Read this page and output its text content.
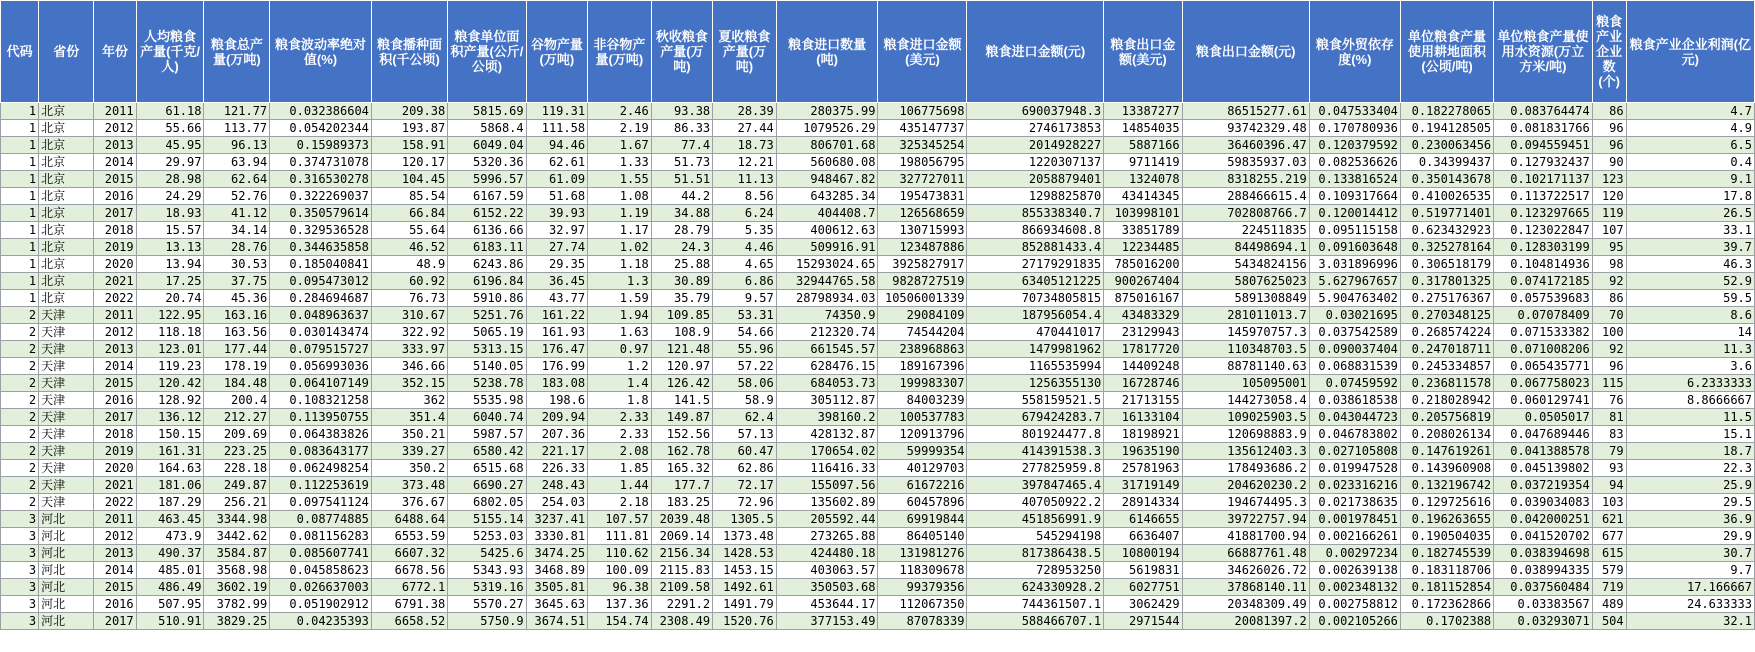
代码	省份	年份	人均粮食产量(千克/人)	粮食总产量(万吨)	粮食波动率绝对值(%)	粮食播种面积(千公顷)	粮食单位面积产量(公斤/公顷)	谷物产量(万吨)	非谷物产量(万吨)	秋收粮食产量(万吨)	夏收粮食产量(万吨)	粮食进口数量(吨)	粮食进口金额(美元)	粮食进口金额(元)	粮食出口金额(美元)	粮食出口金额(元)	粮食外贸依存度(%)	单位粮食产量使用耕地面积(公顷/吨)	单位粮食产量使用水资源(万立方米/吨)	粮食产业企业数(个)	粮食产业企业利润(亿元)
1	北京	2011	61.18	121.77	0.032386604	209.38	5815.69	119.31	2.46	93.38	28.39	280375.99	106775698	690037948.3	13387277	86515277.61	0.047533404	0.182278065	0.083764474	86	4.7
1	北京	2012	55.66	113.77	0.054202344	193.87	5868.4	111.58	2.19	86.33	27.44	1079526.29	435147737	2746173853	14854035	93742329.48	0.170780936	0.194128505	0.081831766	96	4.9
1	北京	2013	45.95	96.13	0.15989373	158.91	6049.04	94.46	1.67	77.4	18.73	806701.68	325345254	2014928227	5887166	36460396.47	0.120379592	0.230063456	0.094559451	96	6.5
1	北京	2014	29.97	63.94	0.374731078	120.17	5320.36	62.61	1.33	51.73	12.21	560680.08	198056795	1220307137	9711419	59835937.03	0.082536626	0.34399437	0.127932437	90	0.4
1	北京	2015	28.98	62.64	0.316530278	104.45	5996.57	61.09	1.55	51.51	11.13	948467.82	327727011	2058879401	1324078	8318255.219	0.133816524	0.350143678	0.102171137	123	9.1
1	北京	2016	24.29	52.76	0.322269037	85.54	6167.59	51.68	1.08	44.2	8.56	643285.34	195473831	1298825870	43414345	288466615.4	0.109317664	0.410026535	0.113722517	120	17.8
1	北京	2017	18.93	41.12	0.350579614	66.84	6152.22	39.93	1.19	34.88	6.24	404408.7	126568659	855338340.7	103998101	702808766.7	0.120014412	0.519771401	0.123297665	119	26.5
1	北京	2018	15.57	34.14	0.329536528	55.64	6136.66	32.97	1.17	28.79	5.35	400612.63	130715993	866934608.8	33851789	224511835	0.095115158	0.623432923	0.123022847	107	33.1
1	北京	2019	13.13	28.76	0.344635858	46.52	6183.11	27.74	1.02	24.3	4.46	509916.91	123487886	852881433.4	12234485	84498694.1	0.091603648	0.325278164	0.128303199	95	39.7
1	北京	2020	13.94	30.53	0.185040841	48.9	6243.86	29.35	1.18	25.88	4.65	15293024.65	3925827917	27179291835	785016200	5434824156	3.031896996	0.306518179	0.104814936	98	46.3
1	北京	2021	17.25	37.75	0.095473012	60.92	6196.84	36.45	1.3	30.89	6.86	32944765.58	9828727519	63405121225	900267404	5807625023	5.627967657	0.317801325	0.074172185	92	52.9
1	北京	2022	20.74	45.36	0.284694687	76.73	5910.86	43.77	1.59	35.79	9.57	28798934.03	10506001339	70734805815	875016167	5891308849	5.904763402	0.275176367	0.057539683	86	59.5
2	天津	2011	122.95	163.16	0.048963637	310.67	5251.76	161.22	1.94	109.85	53.31	74350.9	29084109	187956054.4	43483329	281011013.7	0.03021695	0.270348125	0.07078409	70	8.6
2	天津	2012	118.18	163.56	0.030143474	322.92	5065.19	161.93	1.63	108.9	54.66	212320.74	74544204	470441017	23129943	145970757.3	0.037542589	0.268574224	0.071533382	100	14
2	天津	2013	123.01	177.44	0.079515727	333.97	5313.15	176.47	0.97	121.48	55.96	661545.57	238968863	1479981962	17817720	110348703.5	0.090037404	0.247018711	0.071008206	92	11.3
2	天津	2014	119.23	178.19	0.056993036	346.66	5140.05	176.99	1.2	120.97	57.22	628476.15	189167396	1165535994	14409248	88781140.63	0.068831539	0.245334857	0.065435771	96	3.6
2	天津	2015	120.42	184.48	0.064107149	352.15	5238.78	183.08	1.4	126.42	58.06	684053.73	199983307	1256355130	16728746	105095001	0.07459592	0.236811578	0.067758023	115	6.2333333
2	天津	2016	128.92	200.4	0.108321258	362	5535.98	198.6	1.8	141.5	58.9	305112.87	84003239	558159521.5	21713155	144273058.4	0.038618538	0.218028942	0.060129741	76	8.8666667
2	天津	2017	136.12	212.27	0.113950755	351.4	6040.74	209.94	2.33	149.87	62.4	398160.2	100537783	679424283.7	16133104	109025903.5	0.043044723	0.205756819	0.0505017	81	11.5
2	天津	2018	150.15	209.69	0.064383826	350.21	5987.57	207.36	2.33	152.56	57.13	428132.87	120913796	801924477.8	18198921	120698883.9	0.046783802	0.208026134	0.047689446	83	15.1
2	天津	2019	161.31	223.25	0.083643177	339.27	6580.42	221.17	2.08	162.78	60.47	170654.02	59999354	414391538.3	19635190	135612403.3	0.027105808	0.147619261	0.041388578	79	18.7
2	天津	2020	164.63	228.18	0.062498254	350.2	6515.68	226.33	1.85	165.32	62.86	116416.33	40129703	277825959.8	25781963	178493686.2	0.019947528	0.143960908	0.045139802	93	22.3
2	天津	2021	181.06	249.87	0.112253619	373.48	6690.27	248.43	1.44	177.7	72.17	155097.56	61672216	397847465.4	31719149	204620230.2	0.023316216	0.132196742	0.037219354	94	25.9
2	天津	2022	187.29	256.21	0.097541124	376.67	6802.05	254.03	2.18	183.25	72.96	135602.89	60457896	407050922.2	28914334	194674495.3	0.021738635	0.129725616	0.039034083	103	29.5
3	河北	2011	463.45	3344.98	0.08774885	6488.64	5155.14	3237.41	107.57	2039.48	1305.5	205592.44	69919844	451856991.9	6146655	39722757.94	0.001978451	0.196263655	0.042000251	621	36.9
3	河北	2012	473.9	3442.62	0.081156283	6553.59	5253.03	3330.81	111.81	2069.14	1373.48	273265.88	86405140	545294198	6636407	41881700.94	0.002166261	0.190504035	0.041520702	677	29.9
3	河北	2013	490.37	3584.87	0.085607741	6607.32	5425.6	3474.25	110.62	2156.34	1428.53	424480.18	131981276	817386438.5	10800194	66887761.48	0.00297234	0.182745539	0.038394698	615	30.7
3	河北	2014	485.01	3568.98	0.045858623	6678.56	5343.93	3468.89	100.09	2115.83	1453.15	403063.57	118309678	728953250	5619831	34626026.72	0.002639138	0.183118706	0.038994335	579	9.7
3	河北	2015	486.49	3602.19	0.026637003	6772.1	5319.16	3505.81	96.38	2109.58	1492.61	350503.68	99379356	624330928.2	6027751	37868140.11	0.002348132	0.181152854	0.037560484	719	17.166667
3	河北	2016	507.95	3782.99	0.051902912	6791.38	5570.27	3645.63	137.36	2291.2	1491.79	453644.17	112067350	744361507.1	3062429	20348309.49	0.002758812	0.172362866	0.03383567	489	24.633333
3	河北	2017	510.91	3829.25	0.04235393	6658.52	5750.9	3674.51	154.74	2308.49	1520.76	377153.49	87078339	588466707.1	2971544	20081397.2	0.002105266	0.1702388	0.03293071	504	32.1
